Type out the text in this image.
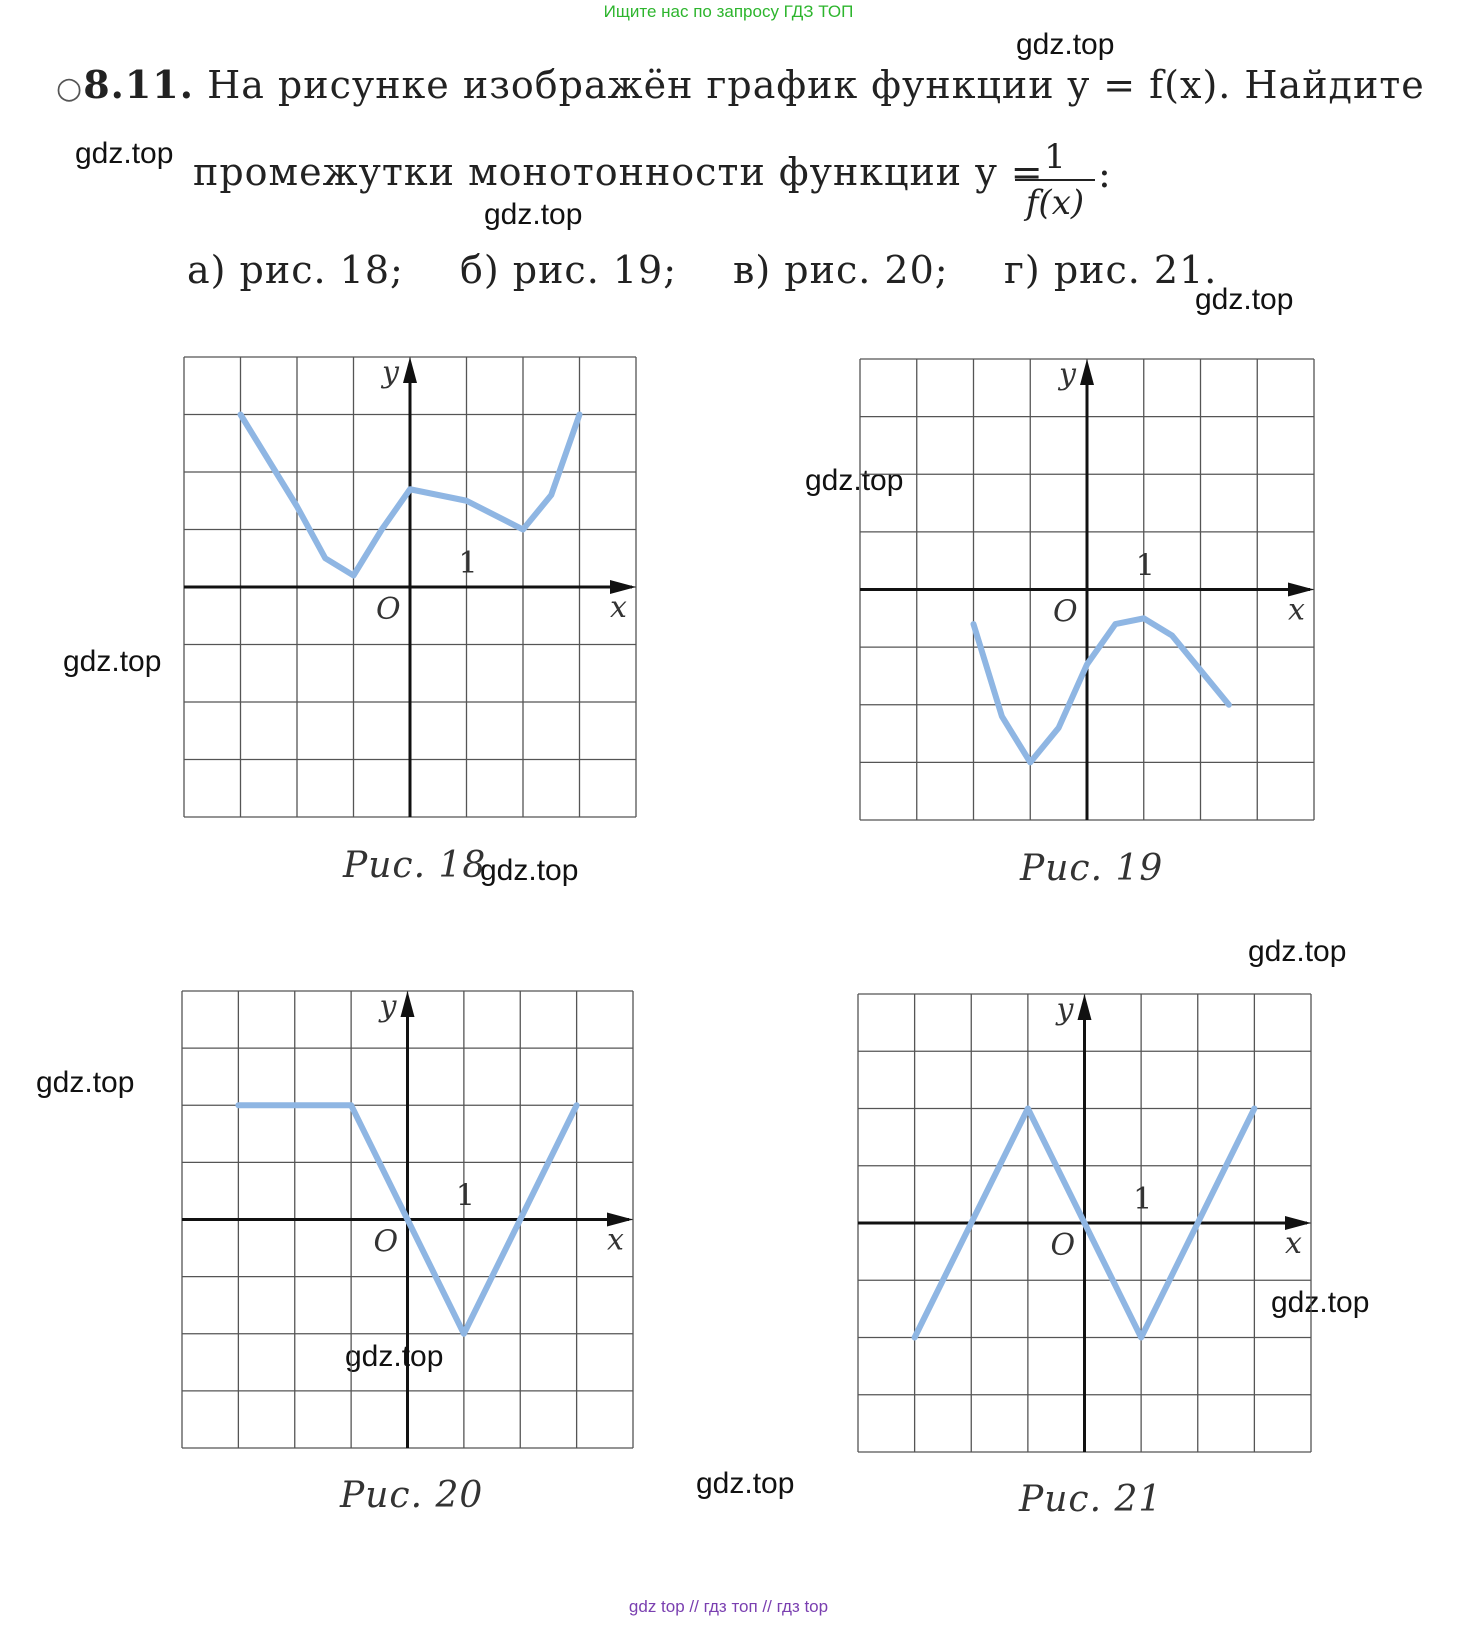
Ищите нас по запросу ГДЗ ТОП
gdz.top
gdz.top
gdz.top
gdz.top
gdz.top
gdz.top
gdz.top
gdz.top
gdz.top
gdz.top
gdz.top
gdz.top
○8.11. На рисунке изображён график функции y = f(x). Найдите
промежутки монотонности функции y = 1
f(x)
:
а) рис. 18; б) рис. 19; в) рис. 20; г) рис. 21.
y
x
O
1
y
x
O
1
y
x
O
1
y
x
O
1
Рис. 18	Рис. 19
Рис. 20	Рис. 21
gdz top // гдз топ // гдз top
